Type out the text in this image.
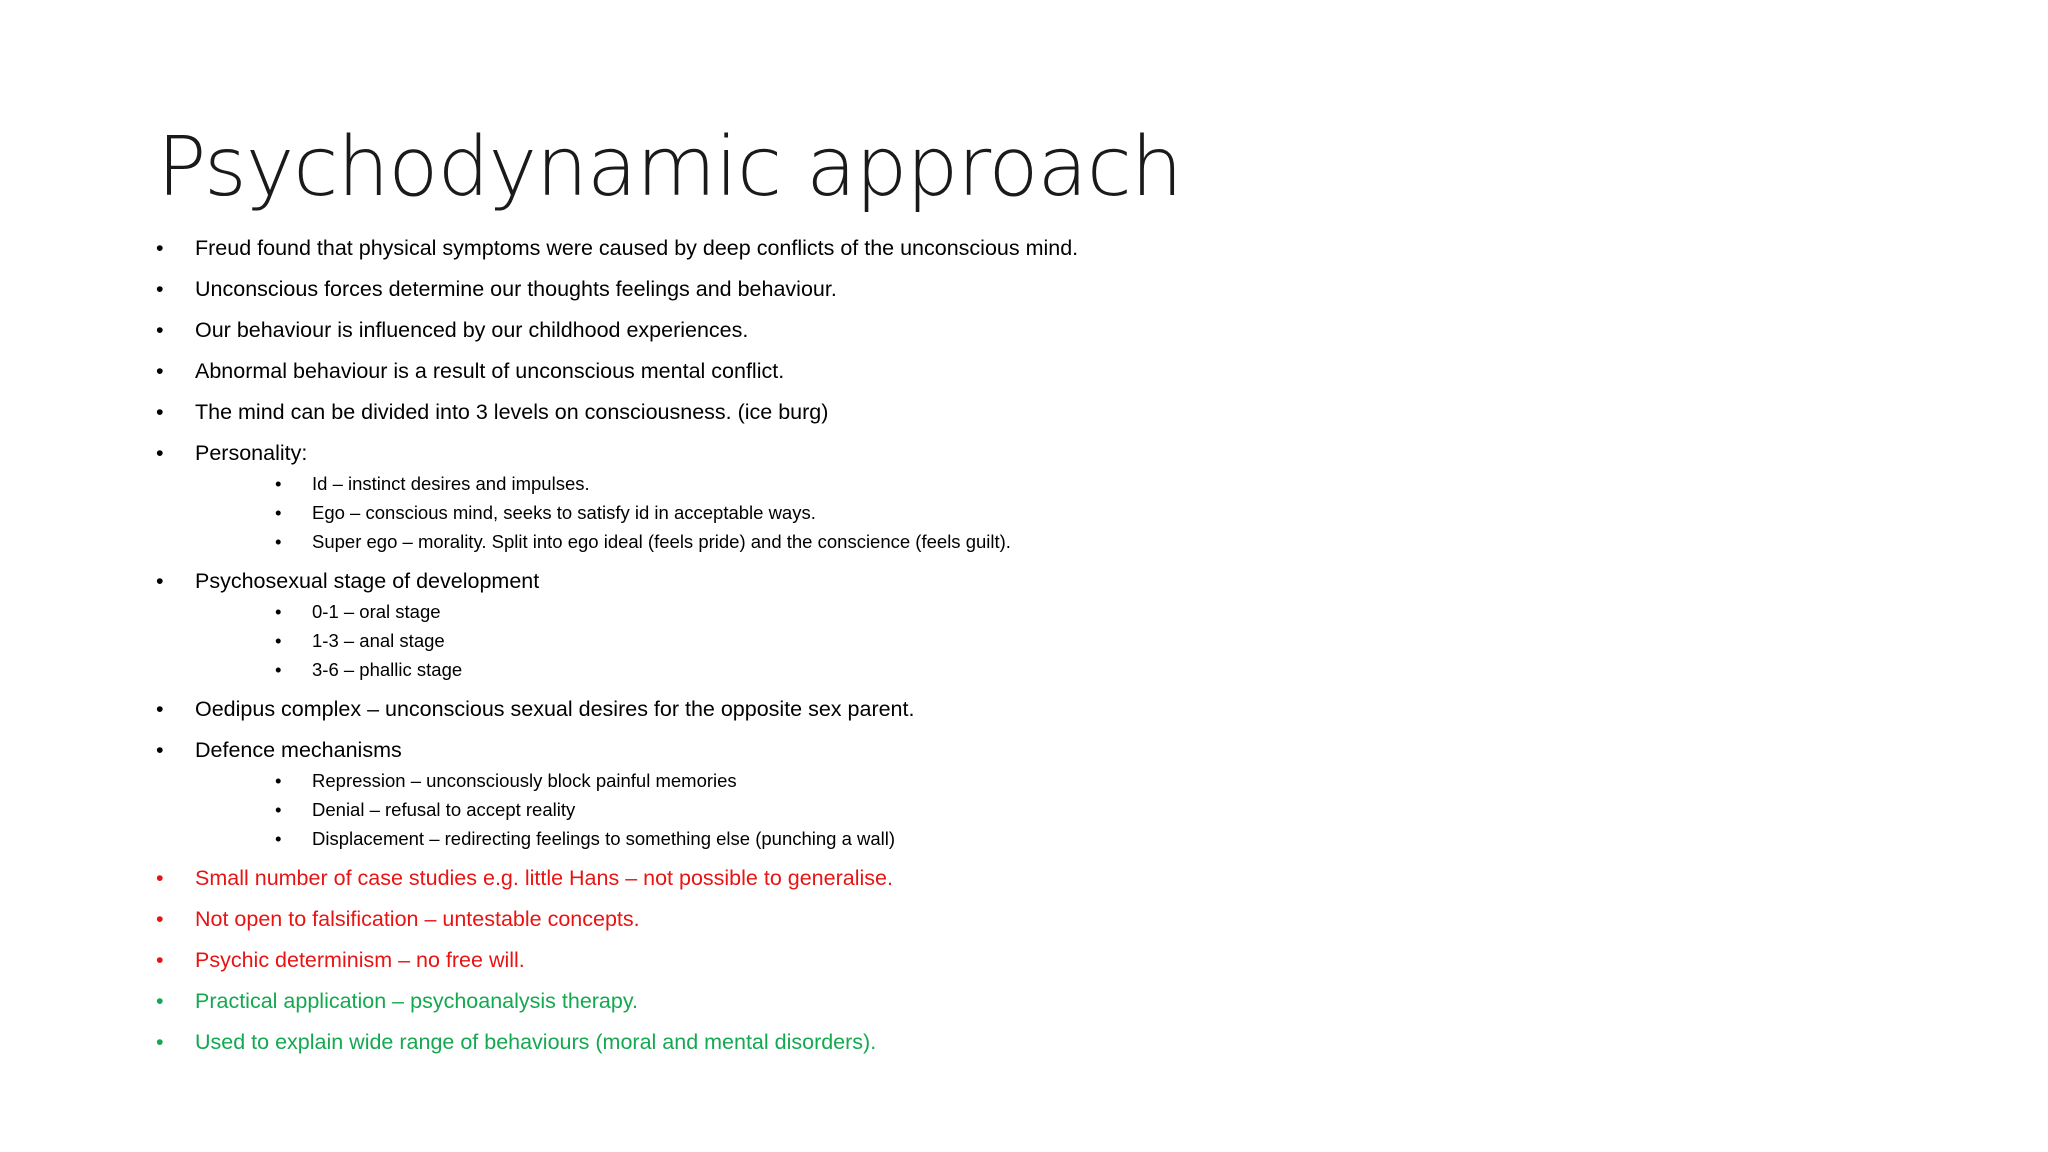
Psychodynamic approach
• Freud found that physical symptoms were caused by deep conflicts of the unconscious mind.
• Unconscious forces determine our thoughts feelings and behaviour.
• Our behaviour is influenced by our childhood experiences.
• Abnormal behaviour is a result of unconscious mental conflict.
• The mind can be divided into 3 levels on consciousness. (ice burg)
• Personality:
• Id – instinct desires and impulses.
• Ego – conscious mind, seeks to satisfy id in acceptable ways.
• Super ego – morality. Split into ego ideal (feels pride) and the conscience (feels guilt).
• Psychosexual stage of development
• 0-1 – oral stage
• 1-3 – anal stage
• 3-6 – phallic stage
• Oedipus complex – unconscious sexual desires for the opposite sex parent.
• Defence mechanisms
• Repression – unconsciously block painful memories
• Denial – refusal to accept reality
• Displacement – redirecting feelings to something else (punching a wall)
• Small number of case studies e.g. little Hans – not possible to generalise.
• Not open to falsification – untestable concepts.
• Psychic determinism – no free will.
• Practical application – psychoanalysis therapy.
• Used to explain wide range of behaviours (moral and mental disorders).
